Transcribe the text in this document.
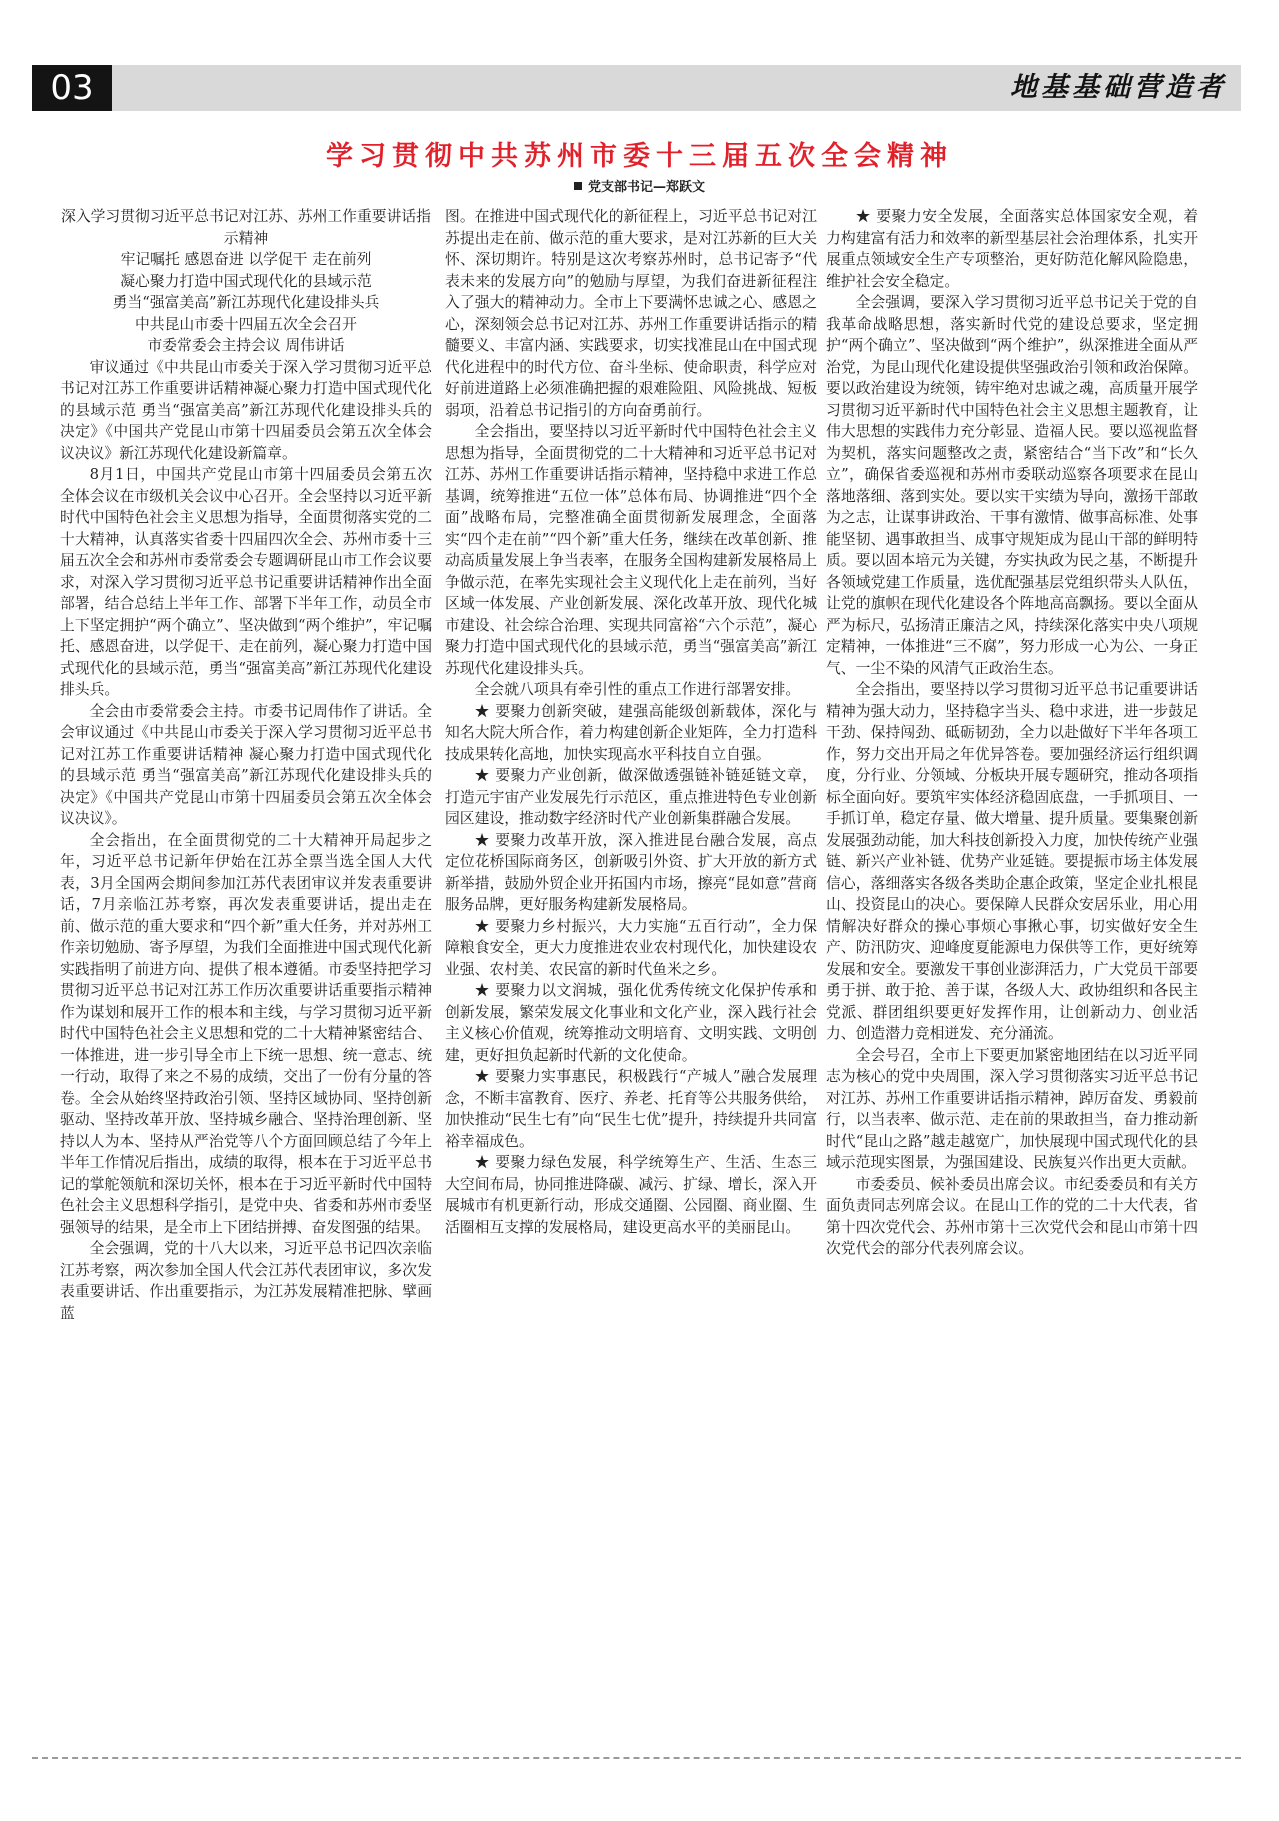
03	地基基础营造者
学习贯彻中共苏州市委十三届五次全会精神
党支部书记—郑跃文

深入学习贯彻习近平总书记对江苏、苏州工作重要讲话指示精神

牢记嘱托 感恩奋进 以学促干 走在前列

凝心聚力打造中国式现代化的县域示范

勇当“强富美高”新江苏现代化建设排头兵

中共昆山市委十四届五次全会召开

市委常委会主持会议 周伟讲话

审议通过《中共昆山市委关于深入学习贯彻习近平总书记对江苏工作重要讲话精神凝心聚力打造中国式现代化的县域示范 勇当“强富美高”新江苏现代化建设排头兵的决定》《中国共产党昆山市第十四届委员会第五次全体会议决议》新江苏现代化建设新篇章。

8月1日，中国共产党昆山市第十四届委员会第五次全体会议在市级机关会议中心召开。全会坚持以习近平新时代中国特色社会主义思想为指导，全面贯彻落实党的二十大精神，认真落实省委十四届四次全会、苏州市委十三届五次全会和苏州市委常委会专题调研昆山市工作会议要求，对深入学习贯彻习近平总书记重要讲话精神作出全面部署，结合总结上半年工作、部署下半年工作，动员全市上下坚定拥护“两个确立”、坚决做到“两个维护”，牢记嘱托、感恩奋进，以学促干、走在前列，凝心聚力打造中国式现代化的县域示范，勇当“强富美高”新江苏现代化建设排头兵。

全会由市委常委会主持。市委书记周伟作了讲话。全会审议通过《中共昆山市委关于深入学习贯彻习近平总书记对江苏工作重要讲话精神 凝心聚力打造中国式现代化的县域示范 勇当“强富美高”新江苏现代化建设排头兵的决定》《中国共产党昆山市第十四届委员会第五次全体会议决议》。

全会指出，在全面贯彻党的二十大精神开局起步之年，习近平总书记新年伊始在江苏全票当选全国人大代表，3月全国两会期间参加江苏代表团审议并发表重要讲话，7月亲临江苏考察，再次发表重要讲话，提出走在前、做示范的重大要求和“四个新”重大任务，并对苏州工作亲切勉励、寄予厚望，为我们全面推进中国式现代化新实践指明了前进方向、提供了根本遵循。市委坚持把学习贯彻习近平总书记对江苏工作历次重要讲话重要指示精神作为谋划和展开工作的根本和主线，与学习贯彻习近平新时代中国特色社会主义思想和党的二十大精神紧密结合、一体推进，进一步引导全市上下统一思想、统一意志、统一行动，取得了来之不易的成绩，交出了一份有分量的答卷。全会从始终坚持政治引领、坚持区域协同、坚持创新驱动、坚持改革开放、坚持城乡融合、坚持治理创新、坚持以人为本、坚持从严治党等八个方面回顾总结了今年上半年工作情况后指出，成绩的取得，根本在于习近平总书记的掌舵领航和深切关怀，根本在于习近平新时代中国特色社会主义思想科学指引，是党中央、省委和苏州市委坚强领导的结果，是全市上下团结拼搏、奋发图强的结果。

全会强调，党的十八大以来，习近平总书记四次亲临江苏考察，两次参加全国人代会江苏代表团审议，多次发表重要讲话、作出重要指示，为江苏发展精准把脉、擘画蓝

图。在推进中国式现代化的新征程上，习近平总书记对江苏提出走在前、做示范的重大要求，是对江苏新的巨大关怀、深切期许。特别是这次考察苏州时，总书记寄予“代表未来的发展方向”的勉励与厚望，为我们奋进新征程注入了强大的精神动力。全市上下要满怀忠诚之心、感恩之心，深刻领会总书记对江苏、苏州工作重要讲话指示的精髓要义、丰富内涵、实践要求，切实找准昆山在中国式现代化进程中的时代方位、奋斗坐标、使命职责，科学应对好前进道路上必须准确把握的艰难险阻、风险挑战、短板弱项，沿着总书记指引的方向奋勇前行。

全会指出，要坚持以习近平新时代中国特色社会主义思想为指导，全面贯彻党的二十大精神和习近平总书记对江苏、苏州工作重要讲话指示精神，坚持稳中求进工作总基调，统筹推进“五位一体”总体布局、协调推进“四个全面”战略布局，完整准确全面贯彻新发展理念，全面落实“四个走在前”“四个新”重大任务，继续在改革创新、推动高质量发展上争当表率，在服务全国构建新发展格局上争做示范，在率先实现社会主义现代化上走在前列，当好区域一体发展、产业创新发展、深化改革开放、现代化城市建设、社会综合治理、实现共同富裕“六个示范”，凝心聚力打造中国式现代化的县域示范，勇当“强富美高”新江苏现代化建设排头兵。

全会就八项具有牵引性的重点工作进行部署安排。

★ 要聚力创新突破，建强高能级创新载体，深化与知名大院大所合作，着力构建创新企业矩阵，全力打造科技成果转化高地，加快实现高水平科技自立自强。

★ 要聚力产业创新，做深做透强链补链延链文章，打造元宇宙产业发展先行示范区，重点推进特色专业创新园区建设，推动数字经济时代产业创新集群融合发展。

★ 要聚力改革开放，深入推进昆台融合发展，高点定位花桥国际商务区，创新吸引外资、扩大开放的新方式新举措，鼓励外贸企业开拓国内市场，擦亮“昆如意”营商服务品牌，更好服务构建新发展格局。

★ 要聚力乡村振兴，大力实施“五百行动”，全力保障粮食安全，更大力度推进农业农村现代化，加快建设农业强、农村美、农民富的新时代鱼米之乡。

★ 要聚力以文润城，强化优秀传统文化保护传承和创新发展，繁荣发展文化事业和文化产业，深入践行社会主义核心价值观，统筹推动文明培育、文明实践、文明创建，更好担负起新时代新的文化使命。

★ 要聚力实事惠民，积极践行“产城人”融合发展理念，不断丰富教育、医疗、养老、托育等公共服务供给，加快推动“民生七有”向“民生七优”提升，持续提升共同富裕幸福成色。

★ 要聚力绿色发展，科学统筹生产、生活、生态三大空间布局，协同推进降碳、减污、扩绿、增长，深入开展城市有机更新行动，形成交通圈、公园圈、商业圈、生活圈相互支撑的发展格局，建设更高水平的美丽昆山。

★ 要聚力安全发展，全面落实总体国家安全观，着力构建富有活力和效率的新型基层社会治理体系，扎实开展重点领域安全生产专项整治，更好防范化解风险隐患，维护社会安全稳定。

全会强调，要深入学习贯彻习近平总书记关于党的自我革命战略思想，落实新时代党的建设总要求，坚定拥护“两个确立”、坚决做到“两个维护”，纵深推进全面从严治党，为昆山现代化建设提供坚强政治引领和政治保障。要以政治建设为统领，铸牢绝对忠诚之魂，高质量开展学习贯彻习近平新时代中国特色社会主义思想主题教育，让伟大思想的实践伟力充分彰显、造福人民。要以巡视监督为契机，落实问题整改之责，紧密结合“当下改”和“长久立”，确保省委巡视和苏州市委联动巡察各项要求在昆山落地落细、落到实处。要以实干实绩为导向，激扬干部敢为之志，让谋事讲政治、干事有激情、做事高标准、处事能坚韧、遇事敢担当、成事守规矩成为昆山干部的鲜明特质。要以固本培元为关键，夯实执政为民之基，不断提升各领域党建工作质量，选优配强基层党组织带头人队伍，让党的旗帜在现代化建设各个阵地高高飘扬。要以全面从严为标尺，弘扬清正廉洁之风，持续深化落实中央八项规定精神，一体推进“三不腐”，努力形成一心为公、一身正气、一尘不染的风清气正政治生态。

全会指出，要坚持以学习贯彻习近平总书记重要讲话精神为强大动力，坚持稳字当头、稳中求进，进一步鼓足干劲、保持闯劲、砥砺韧劲，全力以赴做好下半年各项工作，努力交出开局之年优异答卷。要加强经济运行组织调度，分行业、分领域、分板块开展专题研究，推动各项指标全面向好。要筑牢实体经济稳固底盘，一手抓项目、一手抓订单，稳定存量、做大增量、提升质量。要集聚创新发展强劲动能，加大科技创新投入力度，加快传统产业强链、新兴产业补链、优势产业延链。要提振市场主体发展信心，落细落实各级各类助企惠企政策，坚定企业扎根昆山、投资昆山的决心。要保障人民群众安居乐业，用心用情解决好群众的操心事烦心事揪心事，切实做好安全生产、防汛防灾、迎峰度夏能源电力保供等工作，更好统筹发展和安全。要激发干事创业澎湃活力，广大党员干部要勇于拼、敢于抢、善于谋，各级人大、政协组织和各民主党派、群团组织要更好发挥作用，让创新动力、创业活力、创造潜力竞相迸发、充分涌流。

全会号召，全市上下要更加紧密地团结在以习近平同志为核心的党中央周围，深入学习贯彻落实习近平总书记对江苏、苏州工作重要讲话指示精神，踔厉奋发、勇毅前行，以当表率、做示范、走在前的果敢担当，奋力推动新时代“昆山之路”越走越宽广，加快展现中国式现代化的县域示范现实图景，为强国建设、民族复兴作出更大贡献。

市委委员、候补委员出席会议。市纪委委员和有关方面负责同志列席会议。在昆山工作的党的二十大代表，省第十四次党代会、苏州市第十三次党代会和昆山市第十四次党代会的部分代表列席会议。
